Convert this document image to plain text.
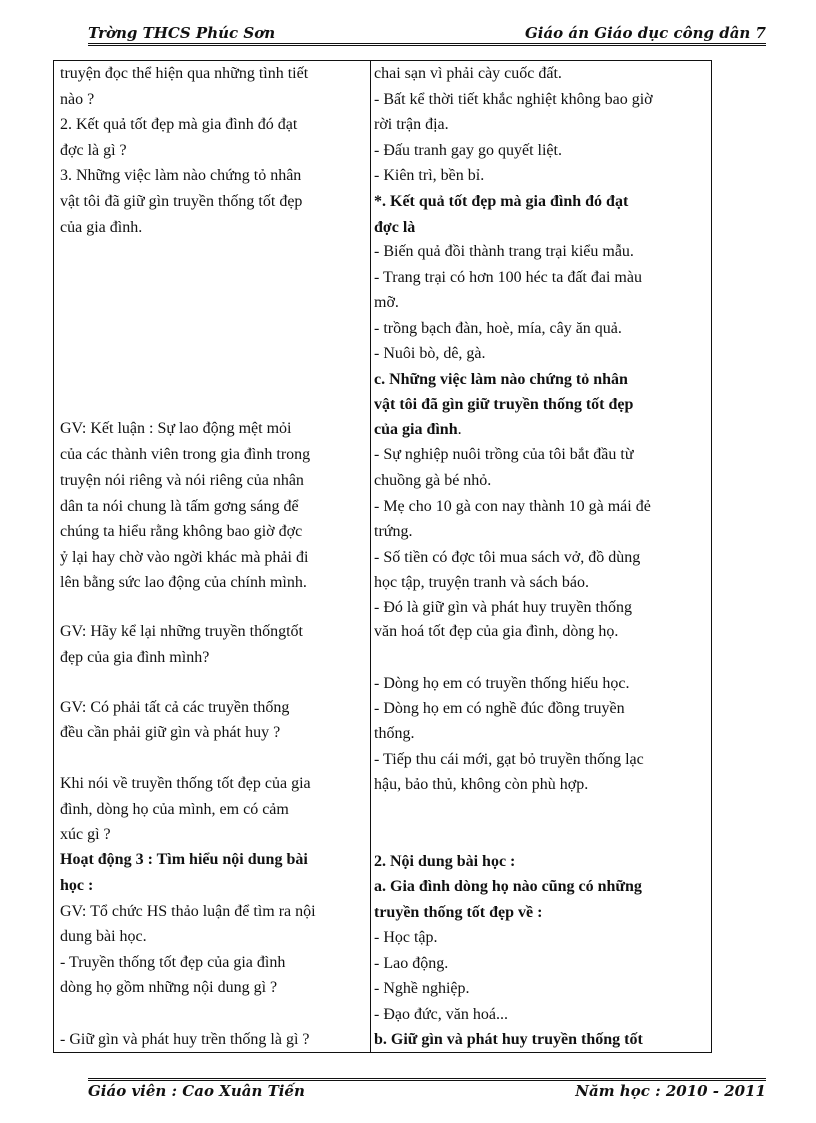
Trờng THCS Phúc Sơn	Giáo án Giáo dục công dân 7
truyện đọc thể hiện qua những tình tiết
nào ?
2. Kết quả tốt đẹp mà gia đình đó đạt
đợc là gì ?
3. Những việc làm nào chứng tỏ nhân
vật tôi đã giữ gìn truyền thống tốt đẹp
của gia đình.
GV: Kết luận : Sự lao động mệt mỏi
của các thành viên trong gia đình trong
truyện nói riêng và nói riêng của nhân
dân ta nói chung là tấm gơng sáng để
chúng ta hiểu rằng không bao giờ đợc
ỷ lại hay chờ vào ngời khác mà phải đi
lên bằng sức lao động của chính mình.
GV: Hãy kể lại những truyền thốngtốt
đẹp của gia đình mình?
GV: Có phải tất cả các truyền thống
đều cần phải giữ gìn và phát huy ?
Khi nói về truyền thống tốt đẹp của gia
đình, dòng họ của mình, em có cảm
xúc gì ?
Hoạt động 3 : Tìm hiểu nội dung bài
học :
GV: Tổ chức HS thảo luận để tìm ra nội
dung bài học.
- Truyền thống tốt đẹp của gia đình
dòng họ gồm những nội dung gì ?
- Giữ gìn và phát huy trền thống là gì ?
chai sạn vì phải cày cuốc đất.
- Bất kể thời tiết khắc nghiệt không bao giờ
rời trận địa.
- Đấu tranh gay go quyết liệt.
- Kiên trì, bền bỉ.
*. Kết quả tốt đẹp mà gia đình đó đạt
đợc là
- Biến quả đồi thành trang trại kiểu mẫu.
- Trang trại có hơn 100 héc ta đất đai màu
mỡ.
- trồng bạch đàn, hoè, mía, cây ăn quả.
- Nuôi bò, dê, gà.
c. Những việc làm nào chứng tỏ nhân
vật tôi đã gìn giữ truyền thống tốt đẹp
của gia đình.
- Sự nghiệp nuôi trồng của tôi bắt đầu từ
chuồng gà bé nhỏ.
- Mẹ cho 10 gà con nay thành 10 gà mái đẻ
trứng.
- Số tiền có đợc tôi mua sách vở, đồ dùng
học tập, truyện tranh và sách báo.
- Đó là giữ gìn và phát huy truyền thống
văn hoá tốt đẹp của gia đình, dòng họ.
- Dòng họ em có truyền thống hiếu học.
- Dòng họ em có nghề đúc đồng truyền
thống.
- Tiếp thu cái mới, gạt bỏ truyền thống lạc
hậu, bảo thủ, không còn phù hợp.
2. Nội dung bài học :
a. Gia đình dòng họ nào cũng có những
truyền thống tốt đẹp về :
- Học tập.
- Lao động.
- Nghề nghiệp.
- Đạo đức, văn hoá...
b. Giữ gìn và phát huy truyền thống tốt
Giáo viên : Cao Xuân Tiến	Năm học : 2010 - 2011
